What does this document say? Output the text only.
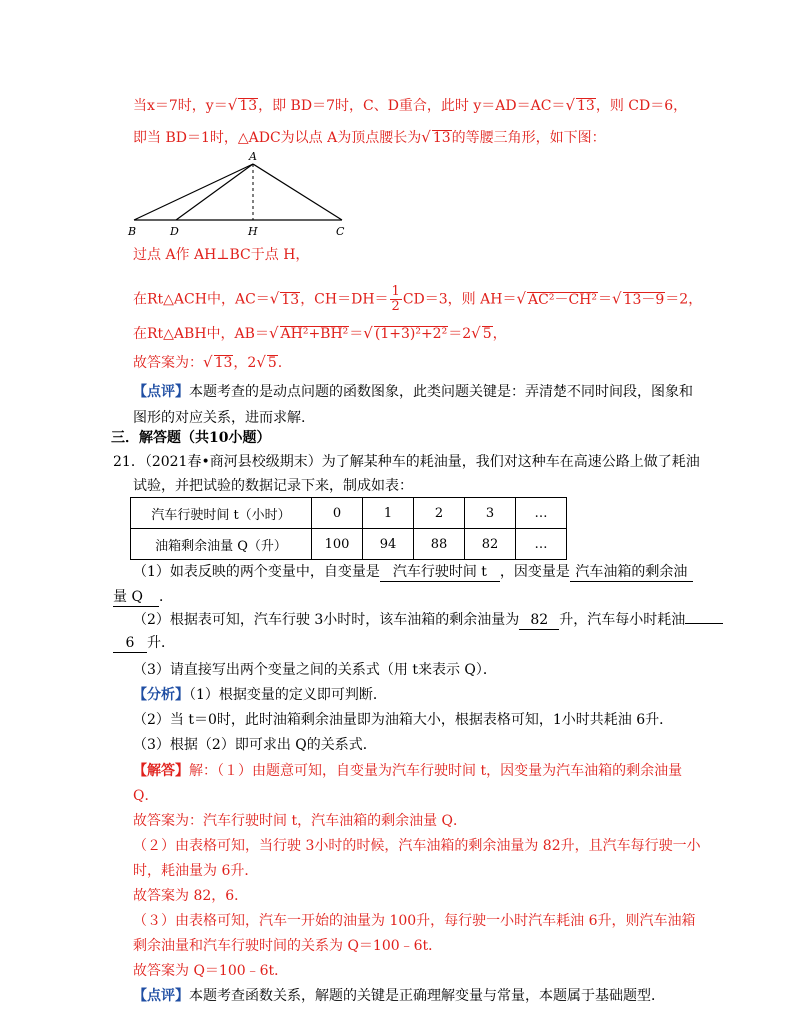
当x＝7时，y＝√ 13，即 BD＝7时，C、D重合，此时 y＝AD＝AC＝√ 13，则 CD＝6，
即当 BD＝1时，△ADC为以点 A为顶点腰长为√ 13的等腰三角形，如下图：
A
B	D	H	C
过点 A作 AH⊥BC于点 H，
在Rt△ACH中，AC＝√ 13，$CH=DH= \frac{1}{2} CD=3$，则 AH＝√ AC²－CH²＝√ 13－9＝2，
在Rt△ABH中，AB＝√ AH²+BH²＝√ (1+3)²+2²＝2√ 5，
故答案为：√ 13，2√ 5.
【点评】本题考查的是动点问题的函数图象，此类问题关键是：弄清楚不同时间段，图象和
图形的对应关系，进而求解.
三．解答题（共10小题）
21．（2021春•商河县校级期末）为了解某种车的耗油量，我们对这种车在高速公路上做了耗油
试验，并把试验的数据记录下来，制成如表：
汽车行驶时间 t（小时）	0	1	2	3	…
油箱剩余油量 Q（升）	100	94	88	82	…
（1）如表反映的两个变量中，自变量是 汽车行驶时间 t ，因变量是 汽车油箱的剩余油
量 Q ．
（2）根据表可知，汽车行驶 3小时时，该车油箱的剩余油量为 82 升，汽车每小时耗油
6 升．
（3）请直接写出两个变量之间的关系式（用 t来表示 Q）．
【分析】（1）根据变量的定义即可判断．
（2）当 t＝0时，此时油箱剩余油量即为油箱大小，根据表格可知，1小时共耗油 6升．
（3）根据（2）即可求出 Q的关系式．
【解答】解：（１）由题意可知，自变量为汽车行驶时间 t，因变量为汽车油箱的剩余油量
Q．
故答案为：汽车行驶时间 t，汽车油箱的剩余油量 Q．
（２）由表格可知，当行驶 3小时的时候，汽车油箱的剩余油量为 82升，且汽车每行驶一小
时，耗油量为 6升．
故答案为 82，6．
（３）由表格可知，汽车一开始的油量为 100升，每行驶一小时汽车耗油 6升，则汽车油箱
剩余油量和汽车行驶时间的关系为 Q＝100﹣6t．
故答案为 Q＝100﹣6t．
【点评】本题考查函数关系，解题的关键是正确理解变量与常量，本题属于基础题型．
